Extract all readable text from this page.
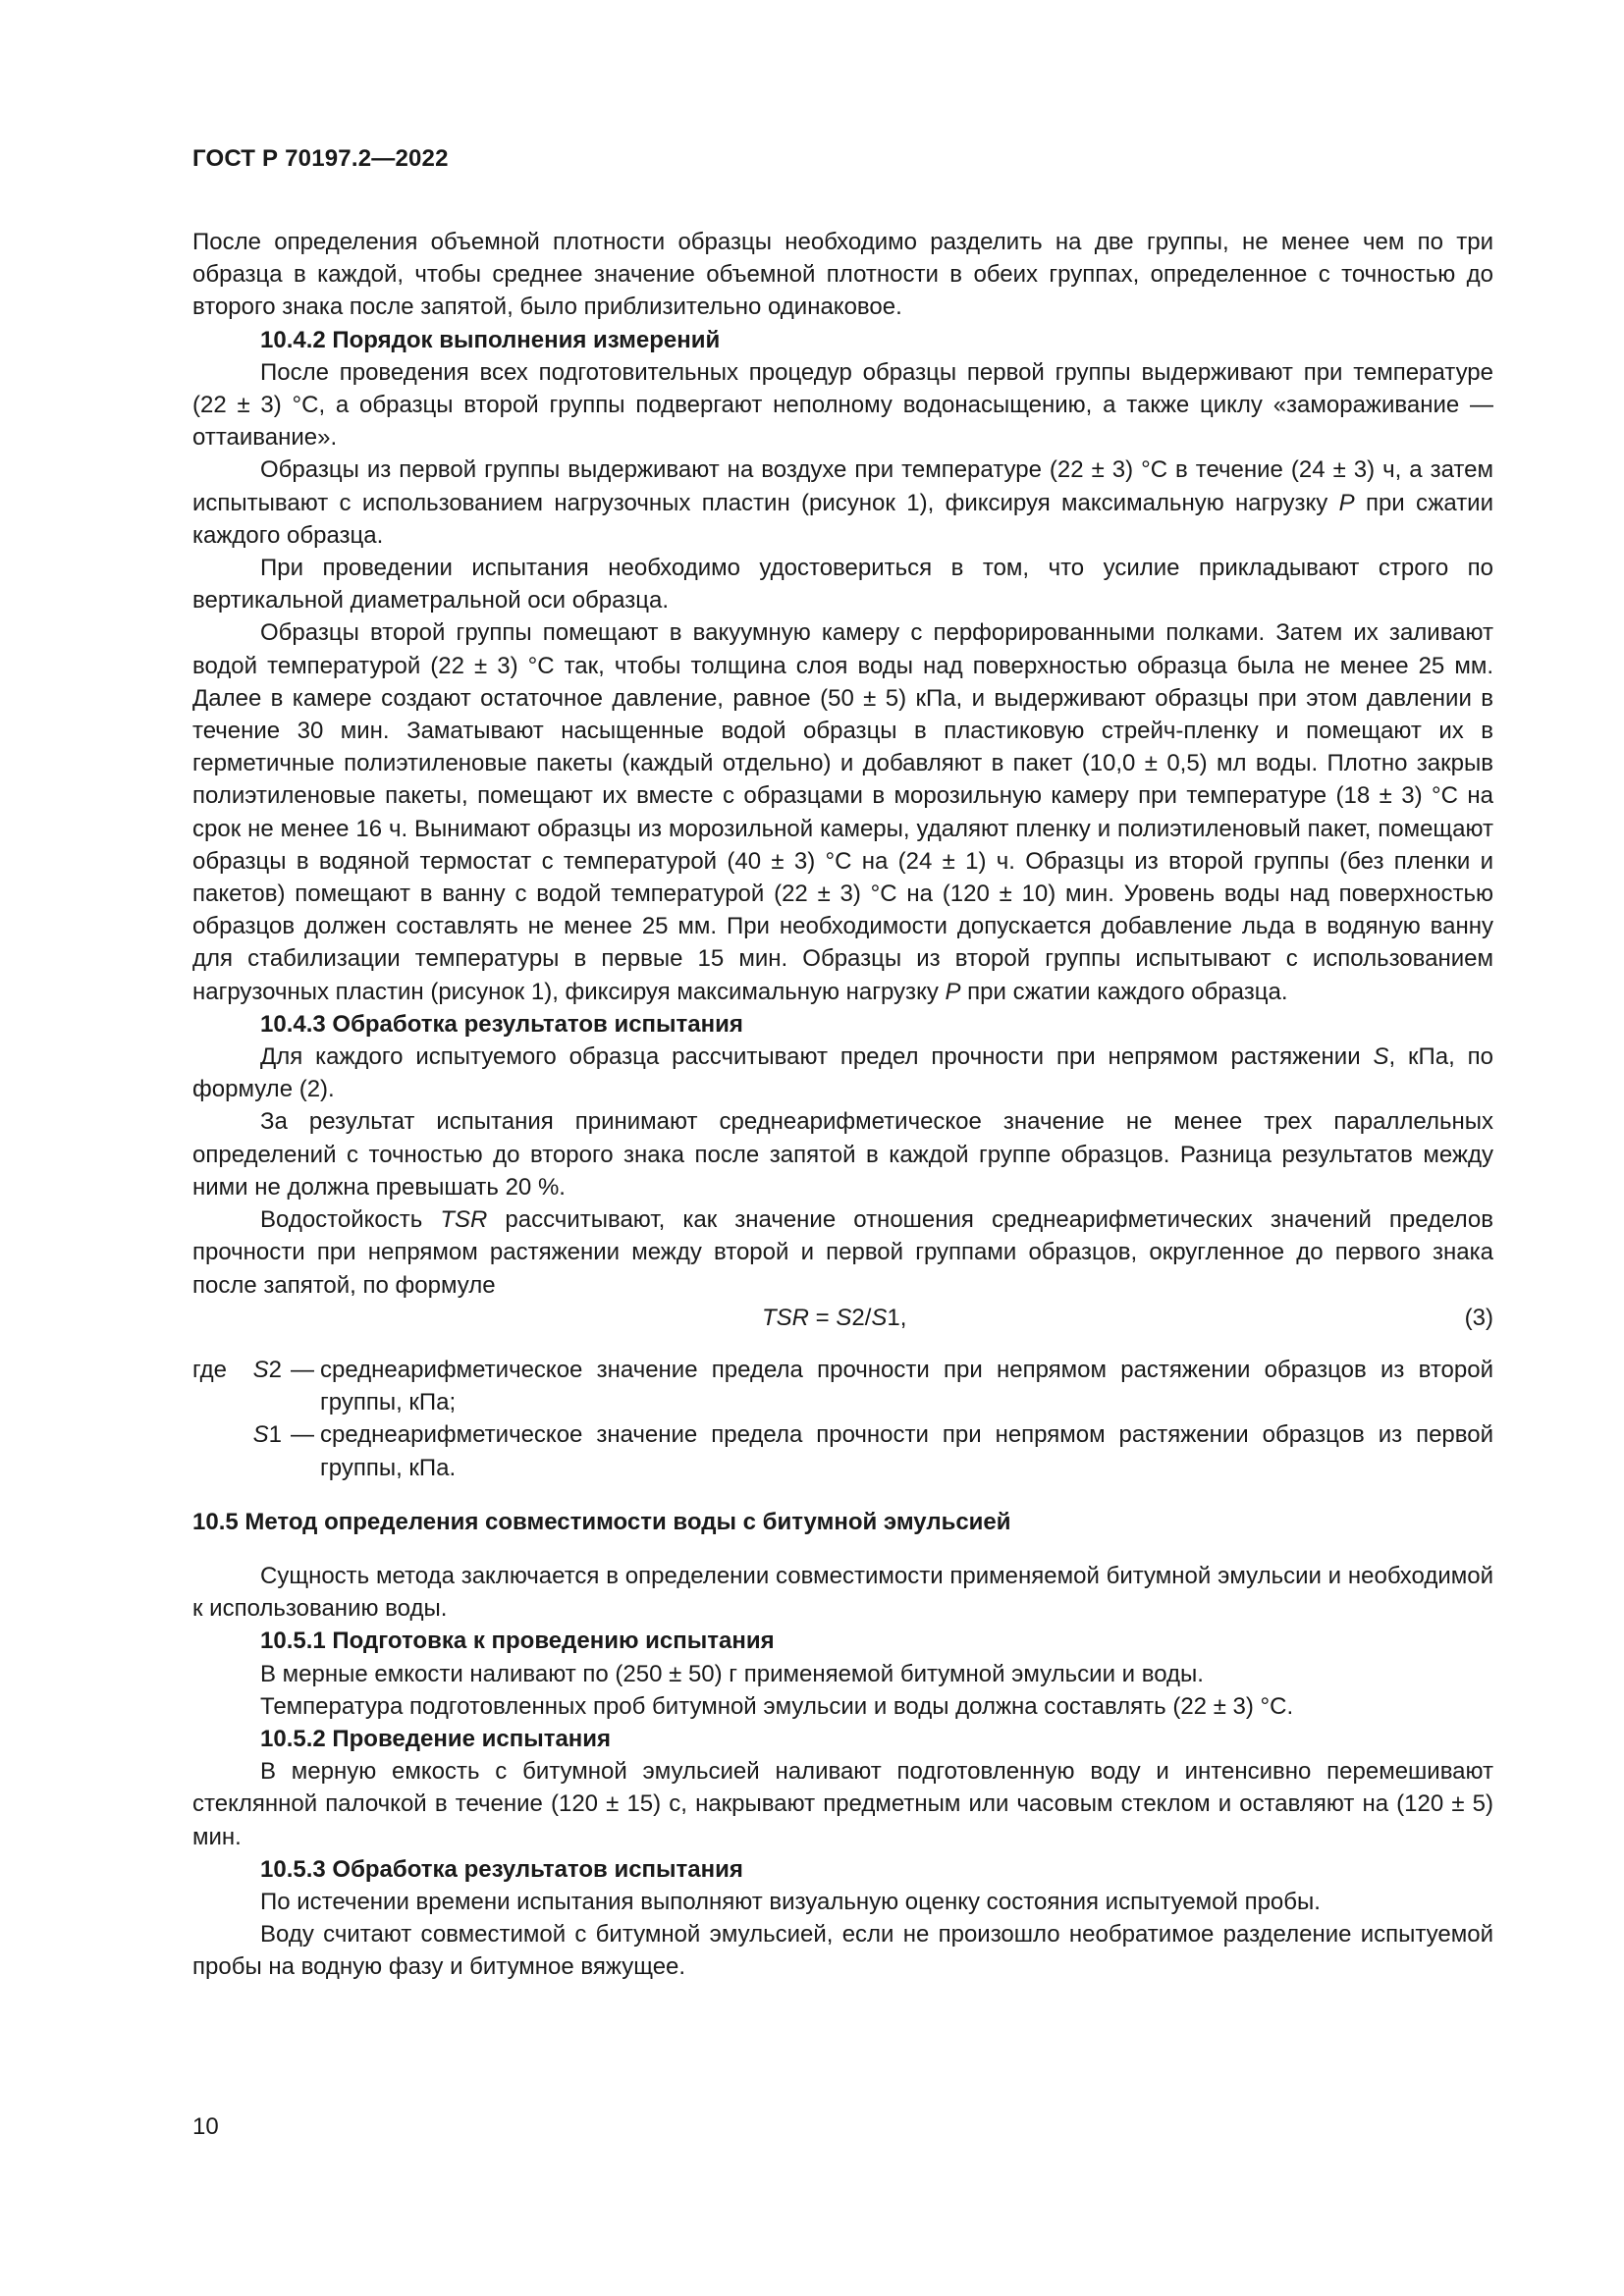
ГОСТ Р 70197.2—2022

После определения объемной плотности образцы необходимо разделить на две группы, не менее чем по три образца в каждой, чтобы среднее значение объемной плотности в обеих группах, определенное с точностью до второго знака после запятой, было приблизительно одинаковое.

10.4.2 Порядок выполнения измерений

После проведения всех подготовительных процедур образцы первой группы выдерживают при температуре (22 ± 3) °С, а образцы второй группы подвергают неполному водонасыщению, а также циклу «замораживание — оттаивание».

Образцы из первой группы выдерживают на воздухе при температуре (22 ± 3) °С в течение (24 ± 3) ч, а затем испытывают с использованием нагрузочных пластин (рисунок 1), фиксируя максимальную нагрузку P при сжатии каждого образца.

При проведении испытания необходимо удостовериться в том, что усилие прикладывают строго по вертикальной диаметральной оси образца.

Образцы второй группы помещают в вакуумную камеру с перфорированными полками. Затем их заливают водой температурой (22 ± 3) °С так, чтобы толщина слоя воды над поверхностью образца была не менее 25 мм. Далее в камере создают остаточное давление, равное (50 ± 5) кПа, и выдерживают образцы при этом давлении в течение 30 мин. Заматывают насыщенные водой образцы в пластиковую стрейч-пленку и помещают их в герметичные полиэтиленовые пакеты (каждый отдельно) и добавляют в пакет (10,0 ± 0,5) мл воды. Плотно закрыв полиэтиленовые пакеты, помещают их вместе с образцами в морозильную камеру при температуре (18 ± 3) °С на срок не менее 16 ч. Вынимают образцы из морозильной камеры, удаляют пленку и полиэтиленовый пакет, помещают образцы в водяной термостат с температурой (40 ± 3) °С на (24 ± 1) ч. Образцы из второй группы (без пленки и пакетов) помещают в ванну с водой температурой (22 ± 3) °С на (120 ± 10) мин. Уровень воды над поверхностью образцов должен составлять не менее 25 мм. При необходимости допускается добавление льда в водяную ванну для стабилизации температуры в первые 15 мин. Образцы из второй группы испытывают с использованием нагрузочных пластин (рисунок 1), фиксируя максимальную нагрузку P при сжатии каждого образца.

10.4.3 Обработка результатов испытания

Для каждого испытуемого образца рассчитывают предел прочности при непрямом растяжении S, кПа, по формуле (2).

За результат испытания принимают среднеарифметическое значение не менее трех параллельных определений с точностью до второго знака после запятой в каждой группе образцов. Разница результатов между ними не должна превышать 20 %.

Водостойкость TSR рассчитывают, как значение отношения среднеарифметических значений пределов прочности при непрямом растяжении между второй и первой группами образцов, округленное до первого знака после запятой, по формуле

TSR = S2/S1,	(3)
где	S2 — среднеарифметическое значение предела прочности при непрямом растяжении образцов из второй группы, кПа;
S1 — среднеарифметическое значение предела прочности при непрямом растяжении образцов из первой группы, кПа.

10.5 Метод определения совместимости воды с битумной эмульсией

Сущность метода заключается в определении совместимости применяемой битумной эмульсии и необходимой к использованию воды.

10.5.1 Подготовка к проведению испытания

В мерные емкости наливают по (250 ± 50) г применяемой битумной эмульсии и воды.

Температура подготовленных проб битумной эмульсии и воды должна составлять (22 ± 3) °С.

10.5.2 Проведение испытания

В мерную емкость с битумной эмульсией наливают подготовленную воду и интенсивно перемешивают стеклянной палочкой в течение (120 ± 15) с, накрывают предметным или часовым стеклом и оставляют на (120 ± 5) мин.

10.5.3 Обработка результатов испытания

По истечении времени испытания выполняют визуальную оценку состояния испытуемой пробы.

Воду считают совместимой с битумной эмульсией, если не произошло необратимое разделение испытуемой пробы на водную фазу и битумное вяжущее.

10
